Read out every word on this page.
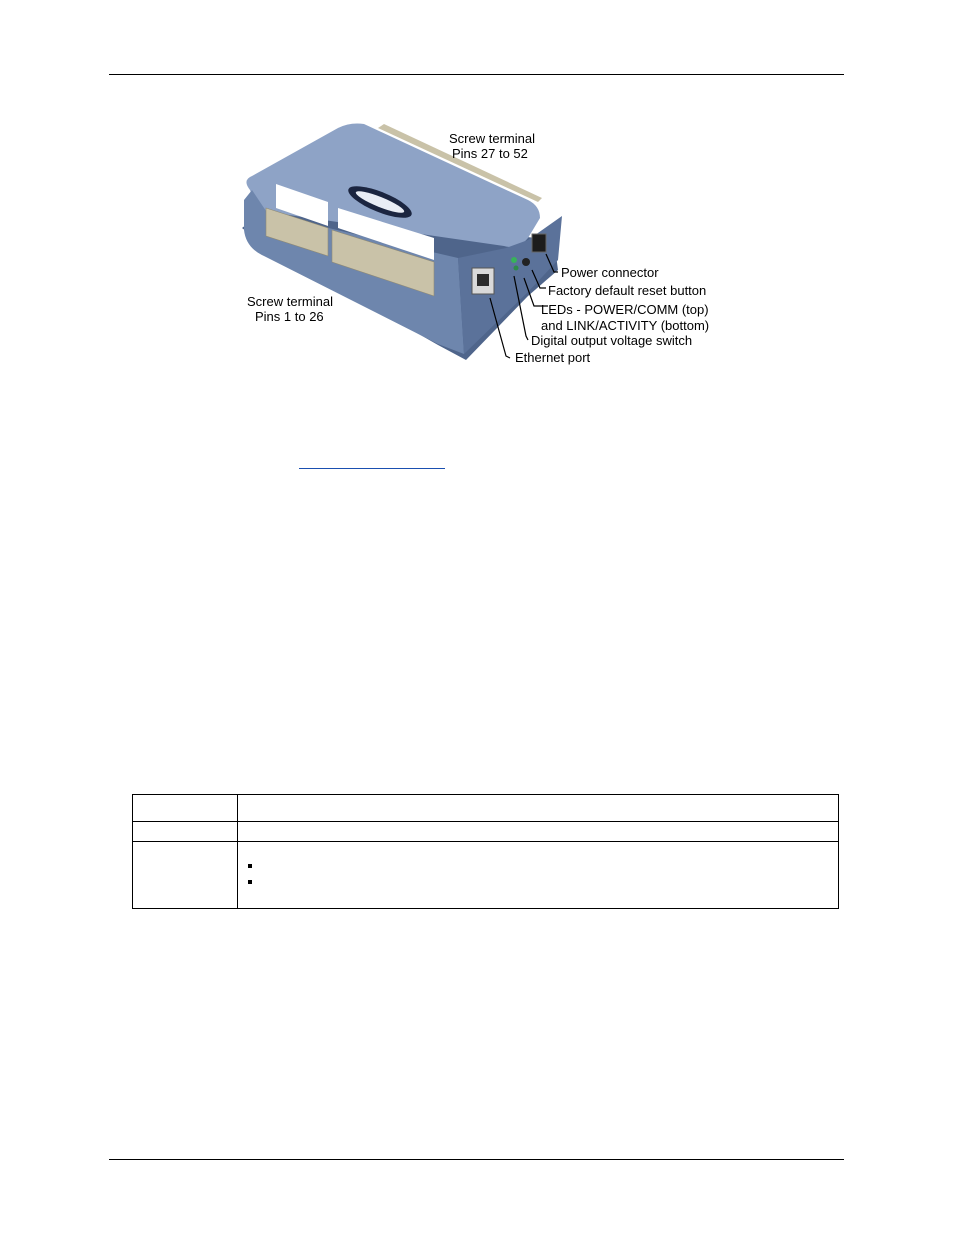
Screw terminal
Pins 27 to 52
Screw terminal
Pins 1 to 26
Power connector
Factory default reset button
LEDs - POWER/COMM (top)
and LINK/ACTIVITY (bottom)
Digital output voltage switch
Ethernet port
